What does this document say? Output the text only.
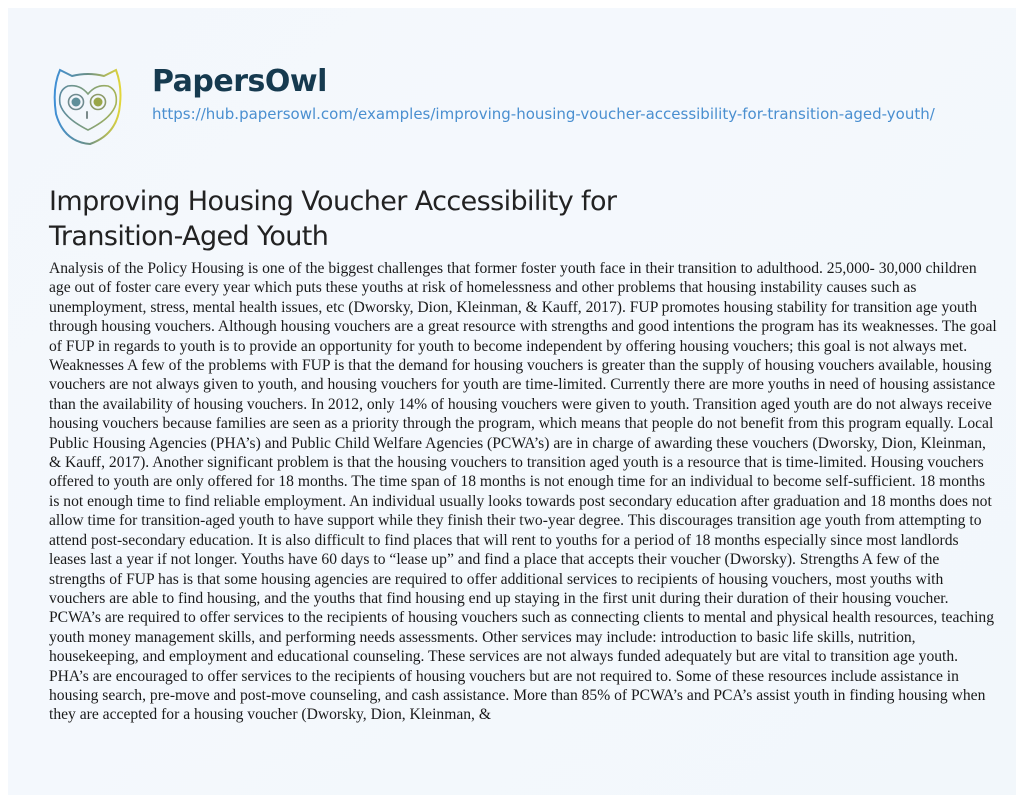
PapersOwl
https://hub.papersowl.com/examples/improving-housing-voucher-accessibility-for-transition-aged-youth/
Improving Housing Voucher Accessibility for Transition-Aged Youth

Analysis of the Policy Housing is one of the biggest challenges that former foster youth face in their transition to adulthood. 25,000- 30,000 children age out of foster care every year which puts these youths at risk of homelessness and other problems that housing instability causes such as unemployment, stress, mental health issues, etc (Dworsky, Dion, Kleinman, & Kauff, 2017). FUP promotes housing stability for transition age youth through housing vouchers. Although housing vouchers are a great resource with strengths and good intentions the program has its weaknesses. The goal of FUP in regards to youth is to provide an opportunity for youth to become independent by offering housing vouchers; this goal is not always met. Weaknesses A few of the problems with FUP is that the demand for housing vouchers is greater than the supply of housing vouchers available, housing vouchers are not always given to youth, and housing vouchers for youth are time-limited. Currently there are more youths in need of housing assistance than the availability of housing vouchers. In 2012, only 14% of housing vouchers were given to youth. Transition aged youth are do not always receive housing vouchers because families are seen as a priority through the program, which means that people do not benefit from this program equally. Local Public Housing Agencies (PHA’s) and Public Child Welfare Agencies (PCWA’s) are in charge of awarding these vouchers (Dworsky, Dion, Kleinman, & Kauff, 2017). Another significant problem is that the housing vouchers to transition aged youth is a resource that is time-limited. Housing vouchers offered to youth are only offered for 18 months. The time span of 18 months is not enough time for an individual to become self-sufficient. 18 months is not enough time to find reliable employment. An individual usually looks towards post secondary education after graduation and 18 months does not allow time for transition-aged youth to have support while they finish their two-year degree. This discourages transition age youth from attempting to attend post-secondary education. It is also difficult to find places that will rent to youths for a period of 18 months especially since most landlords leases last a year if not longer. Youths have 60 days to “lease up” and find a place that accepts their voucher (Dworsky). Strengths A few of the strengths of FUP has is that some housing agencies are required to offer additional services to recipients of housing vouchers, most youths with vouchers are able to find housing, and the youths that find housing end up staying in the first unit during their duration of their housing voucher. PCWA’s are required to offer services to the recipients of housing vouchers such as connecting clients to mental and physical health resources, teaching youth money management skills, and performing needs assessments. Other services may include: introduction to basic life skills, nutrition, housekeeping, and employment and educational counseling. These services are not always funded adequately but are vital to transition age youth. PHA’s are encouraged to offer services to the recipients of housing vouchers but are not required to. Some of these resources include assistance in housing search, pre-move and post-move counseling, and cash assistance. More than 85% of PCWA’s and PCA’s assist youth in finding housing when they are accepted for a housing voucher (Dworsky, Dion, Kleinman, &
